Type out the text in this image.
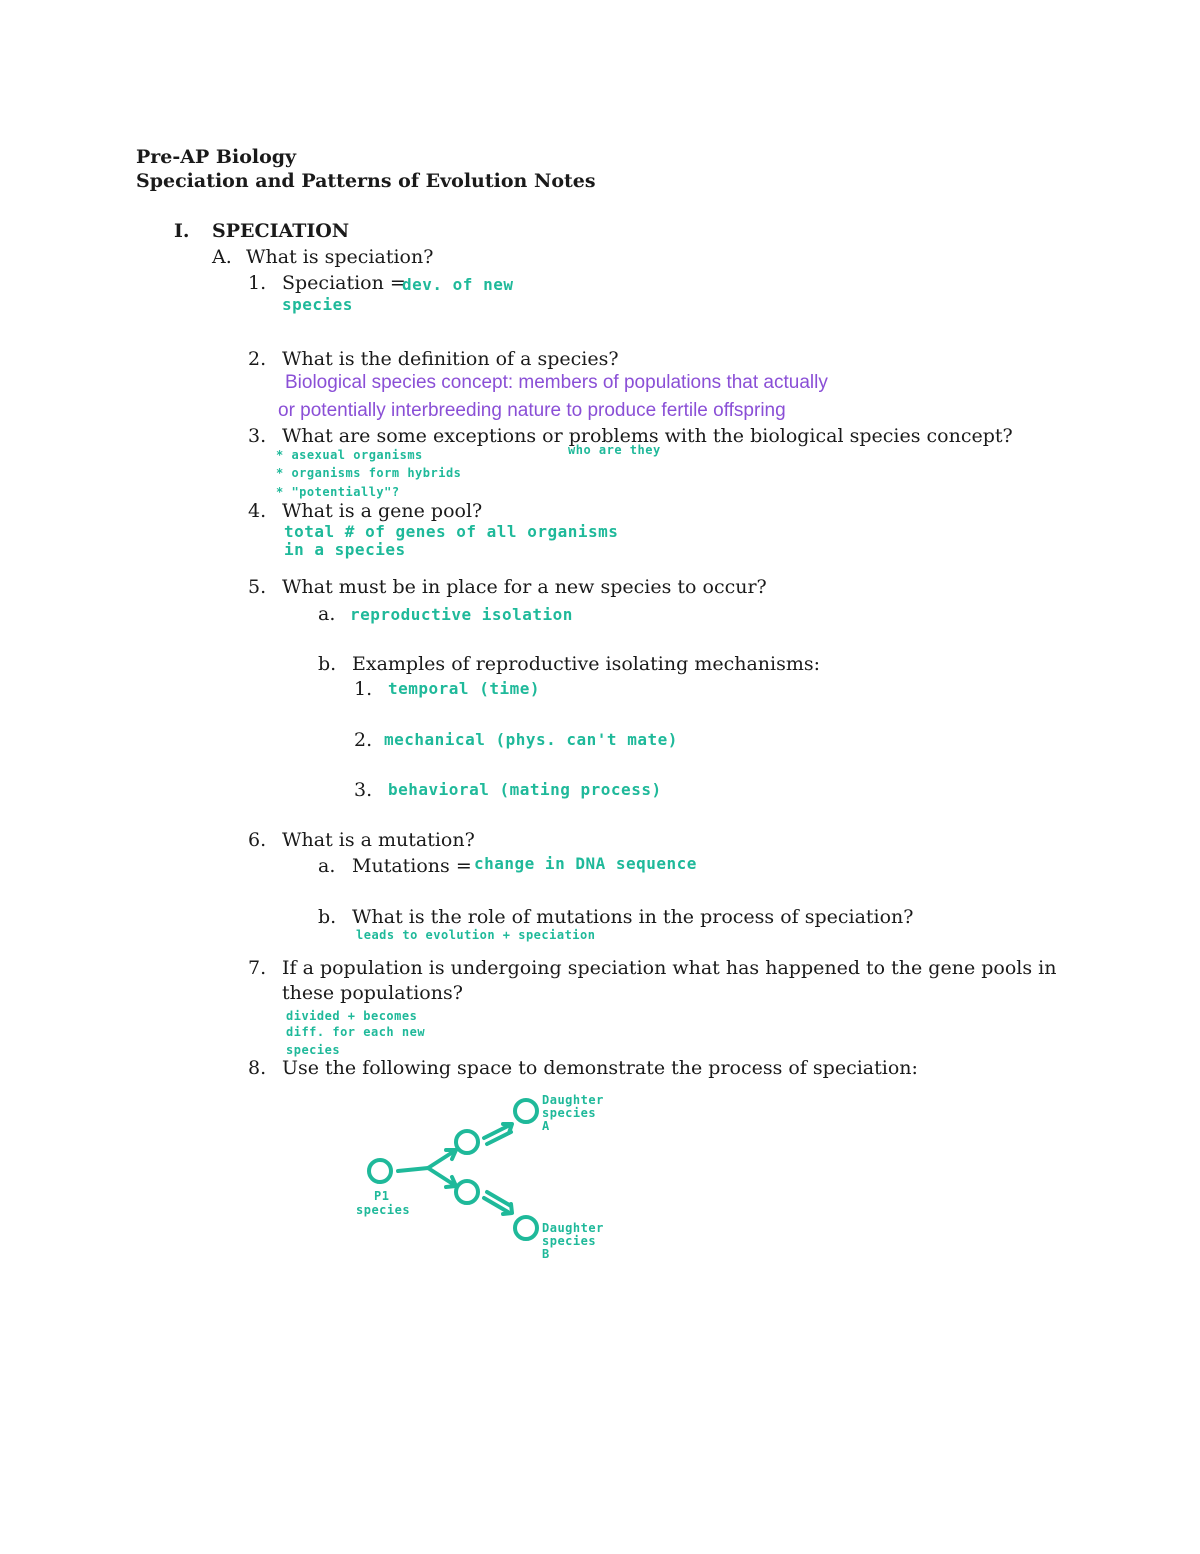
Pre-AP Biology
Speciation and Patterns of Evolution Notes
I. SPECIATION
A. What is speciation?
1. Speciation =
dev. of new
species
2. What is the definition of a species?
Biological species concept: members of populations that actually
or potentially interbreeding nature to produce fertile offspring
3. What are some exceptions or problems with the biological species concept?
who are they
* asexual organisms
* organisms form hybrids
* "potentially"?
4. What is a gene pool?
total # of genes of all organisms
in a species
5. What must be in place for a new species to occur?
a. reproductive isolation
b. Examples of reproductive isolating mechanisms:
1. temporal (time)
2. mechanical (phys. can't mate)
3. behavioral (mating process)
6. What is a mutation?
a. Mutations = change in DNA sequence
b. What is the role of mutations in the process of speciation?
leads to evolution + speciation
7. If a population is undergoing speciation what has happened to the gene pools in
these populations?
divided + becomes
diff. for each new
species
8. Use the following space to demonstrate the process of speciation:
P1
species
Daughter
species
A
Daughter
species
B
